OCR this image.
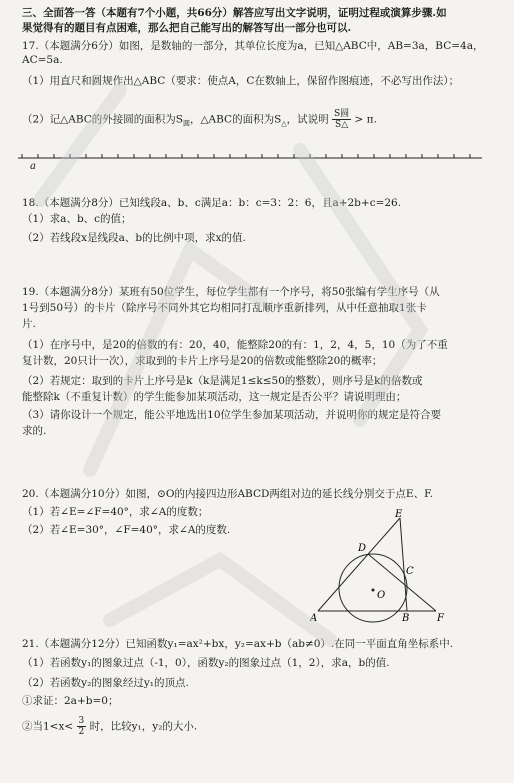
三、全面答一答（本题有7个小题，共66分）解答应写出文字说明，证明过程或演算步骤.如
果觉得有的题目有点困难，那么把自己能写出的解答写出一部分也可以.
17.（本题满分6分）如图，是数轴的一部分，其单位长度为a，已知△ABC中，AB=3a，BC=4a，
AC=5a.
（1）用直尺和圆规作出△ABC（要求：使点A，C在数轴上，保留作图痕迹，不必写出作法）；
（2）记△ABC的外接圆的面积为$S_圆$，△ABC的面积为$S_\triangle$，试说明 $\frac{\text{S圆}}{S\triangle} > \pi$.
a
18.（本题满分8分）已知线段a、b、c满足a：b：c=3：2：6，且a+2b+c=26.
（1）求a、b、c的值；
（2）若线段x是线段a、b的比例中项，求x的值.
19.（本题满分8分）某班有50位学生，每位学生都有一个序号，将50张编有学生序号（从
1号到50号）的卡片（除序号不同外其它均相同打乱顺序重新排列，从中任意抽取1张卡
片.
（1）在序号中，是20的倍数的有：20，40，能整除20的有：1，2，4，5，10（为了不重
复计数，20只计一次），求取到的卡片上序号是20的倍数或能整除20的概率；
（2）若规定：取到的卡片上序号是k（k是满足1≤k≤50的整数），则序号是k的倍数或
能整除k（不重复计数）的学生能参加某项活动，这一规定是否公平？请说明理由；
（3）请你设计一个规定，能公平地选出10位学生参加某项活动，并说明你的规定是符合要
求的.
20.（本题满分10分）如图，⊙O的内接四边形ABCD两组对边的延长线分别交于点E、F.
（1）若∠E=∠F=40°，求∠A的度数；
（2）若∠E=30°，∠F=40°，求∠A的度数.
E
D
C
O
A	B	F
21.（本题满分12分）已知函数y₁=ax²+bx，y₂=ax+b（ab≠0）.在同一平面直角坐标系中.
（1）若函数y₁的图象过点（-1，0），函数y₂的图象过点（1，2），求a，b的值.
（2）若函数y₂的图象经过y₁的顶点.
①求证：2a+b=0；
②当$1<x< \frac{3}{2}$ 时，比较y₁，y₂的大小.
